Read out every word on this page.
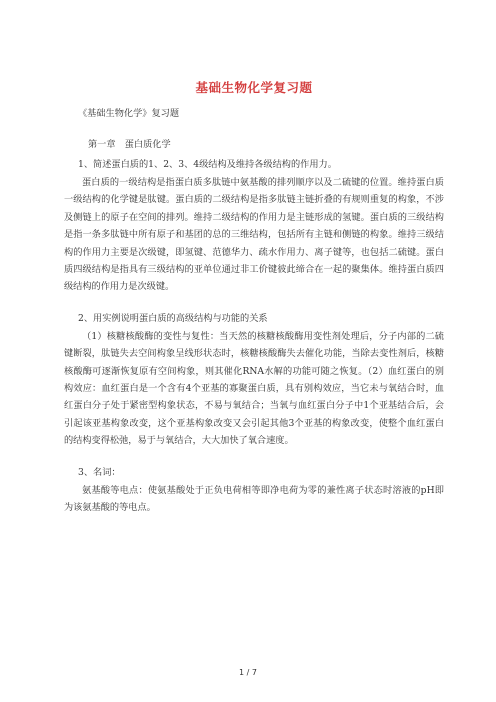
基础生物化学复习题
《基础生物化学》复习题
第一章　蛋白质化学
1、简述蛋白质的1、2、3、4级结构及维持各级结构的作用力。

蛋白质的一级结构是指蛋白质多肽链中氨基酸的排列顺序以及二硫键的位置。维持蛋白质一级结构的化学键是肽键。蛋白质的二级结构是指多肽链主链折叠的有规则重复的构象，不涉及侧链上的原子在空间的排列。维持二级结构的作用力是主链形成的氢键。蛋白质的三级结构是指一条多肽链中所有原子和基团的总的三维结构，包括所有主链和侧链的构象。维持三级结构的作用力主要是次级键，即氢键、范德华力、疏水作用力、离子键等，也包括二硫键。蛋白质四级结构是指具有三级结构的亚单位通过非工价键彼此缔合在一起的聚集体。维持蛋白质四级结构的作用力是次级键。

2、用实例说明蛋白质的高级结构与功能的关系

（1）核糖核酸酶的变性与复性：当天然的核糖核酸酶用变性剂处理后，分子内部的二硫键断裂，肽链失去空间构象呈线形状态时，核糖核酸酶失去催化功能，当除去变性剂后，核糖核酸酶可逐渐恢复原有空间构象，则其催化RNA水解的功能可随之恢复。（2）血红蛋白的别构效应：血红蛋白是一个含有4个亚基的寡聚蛋白质，具有别构效应，当它未与氧结合时，血红蛋白分子处于紧密型构象状态，不易与氧结合；当氧与血红蛋白分子中1个亚基结合后，会引起该亚基构象改变，这个亚基构象改变又会引起其他3个亚基的构象改变，使整个血红蛋白的结构变得松弛，易于与氧结合，大大加快了氧合速度。

3、名词：

氨基酸等电点：使氨基酸处于正负电荷相等即净电荷为零的兼性离子状态时溶液的pH即为该氨基酸的等电点。

1 / 7
